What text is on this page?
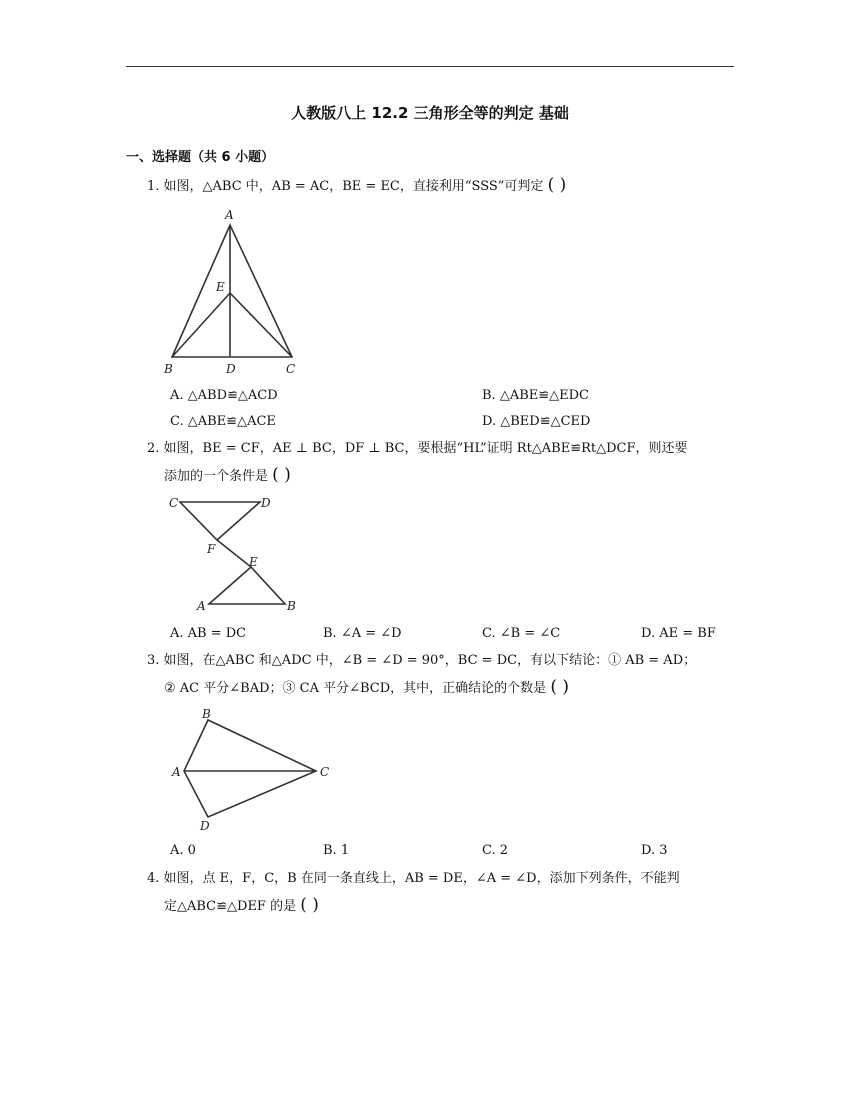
人教版八上 12.2 三角形全等的判定 基础
一、选择题（共 6 小题）
1. 如图，△ABC 中，AB = AC，BE = EC，直接利用“SSS”可判定 ( )
A
B	C
D
E
A. △ABD≌△ACD	B. △ABE≌△EDC
C. △ABE≌△ACE	D. △BED≌△CED
2. 如图，BE = CF，AE ⊥ BC，DF ⊥ BC，要根据“HL”证明 Rt△ABE≌Rt△DCF，则还要
添加的一个条件是 ( )
C	D
F
E
A	B
A. AB = DC	B. ∠A = ∠D	C. ∠B = ∠C	D. AE = BF
3. 如图，在△ABC 和△ADC 中，∠B = ∠D = 90°，BC = DC，有以下结论：① AB = AD；
② AC 平分∠BAD；③ CA 平分∠BCD，其中，正确结论的个数是 ( )
B
A	C
D
A. 0	B. 1	C. 2	D. 3
4. 如图，点 E，F，C，B 在同一条直线上，AB = DE，∠A = ∠D，添加下列条件，不能判
定△ABC≌△DEF 的是 ( )
